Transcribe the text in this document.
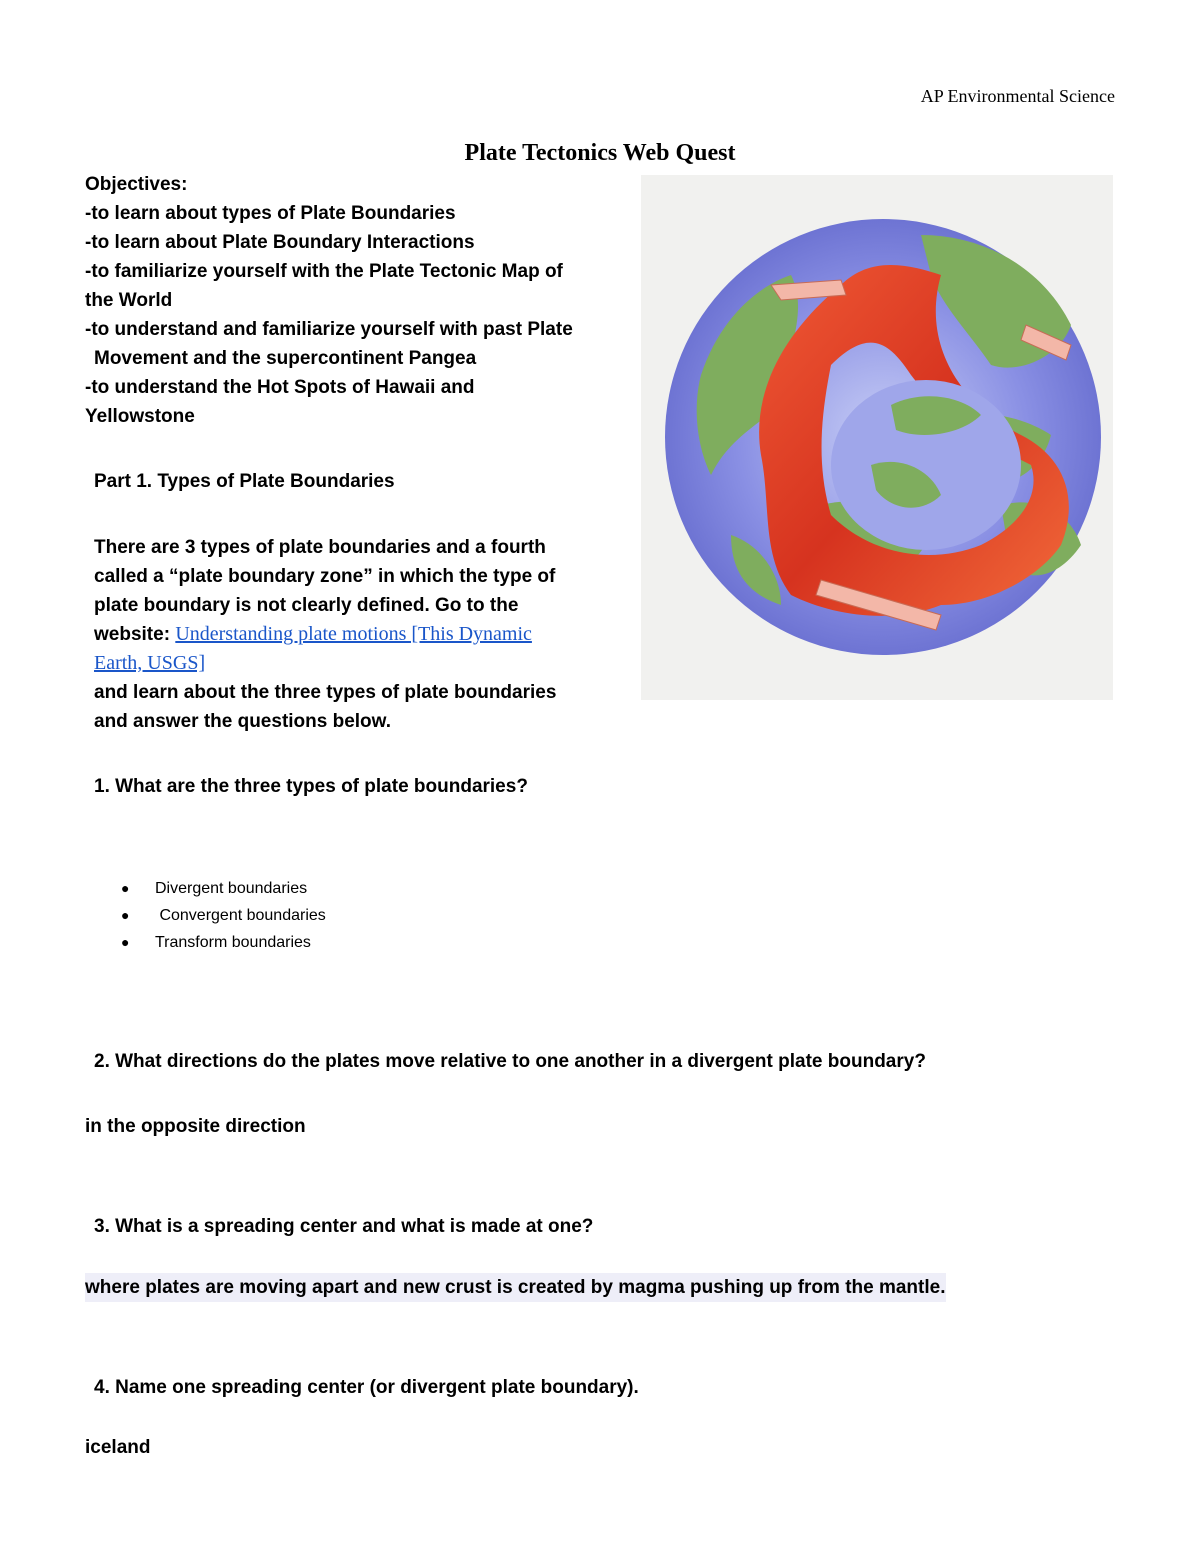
AP Environmental Science
Plate Tectonics Web Quest
Objectives:
-to learn about types of Plate Boundaries
-to learn about Plate Boundary Interactions
-to familiarize yourself with the Plate Tectonic Map of
the World
-to understand and familiarize yourself with past Plate
Movement and the supercontinent Pangea
-to understand the Hot Spots of Hawaii and
Yellowstone
Part 1. Types of Plate Boundaries
There are 3 types of plate boundaries and a fourth
called a “plate boundary zone” in which the type of
plate boundary is not clearly defined. Go to the
website: Understanding plate motions [This Dynamic
Earth, USGS]
and learn about the three types of plate boundaries
and answer the questions below.
1. What are the three types of plate boundaries?
● Divergent boundaries
● Convergent boundaries
● Transform boundaries
2. What directions do the plates move relative to one another in a divergent plate boundary?
in the opposite direction
3. What is a spreading center and what is made at one?
where plates are moving apart and new crust is created by magma pushing up from the mantle.
4. Name one spreading center (or divergent plate boundary).
iceland
